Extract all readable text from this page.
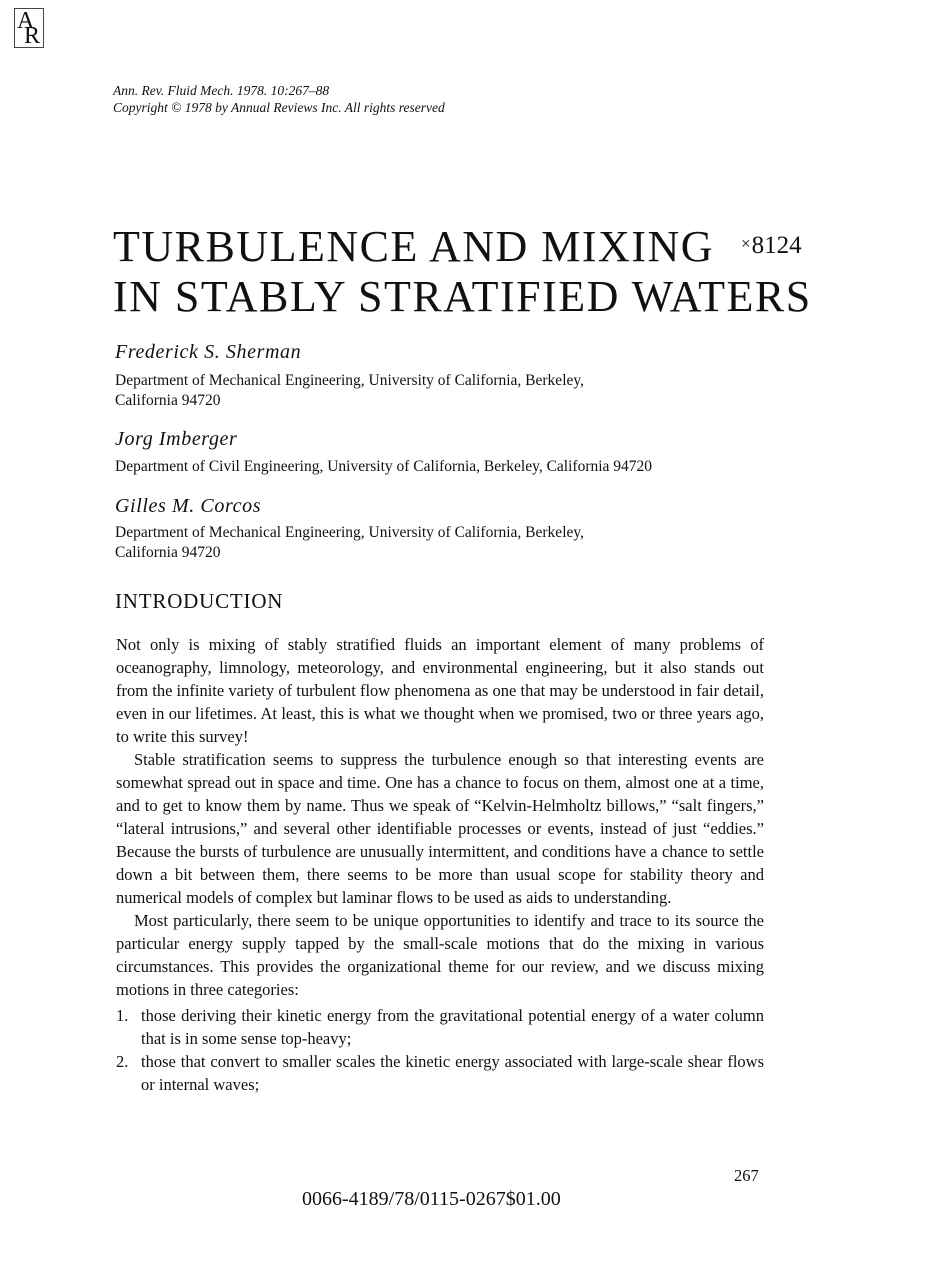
A
R
Ann. Rev. Fluid Mech. 1978. 10:267–88
Copyright © 1978 by Annual Reviews Inc. All rights reserved
TURBULENCE AND MIXING
IN STABLY STRATIFIED WATERS
×8124
Frederick S. Sherman
Department of Mechanical Engineering, University of California, Berkeley,
California 94720
Jorg Imberger
Department of Civil Engineering, University of California, Berkeley, California 94720
Gilles M. Corcos
Department of Mechanical Engineering, University of California, Berkeley,
California 94720
INTRODUCTION

Not only is mixing of stably stratified fluids an important element of many problems of oceanography, limnology, meteorology, and environmental engineering, but it also stands out from the infinite variety of turbulent flow phenomena as one that may be understood in fair detail, even in our lifetimes. At least, this is what we thought when we promised, two or three years ago, to write this survey!

Stable stratification seems to suppress the turbulence enough so that interesting events are somewhat spread out in space and time. One has a chance to focus on them, almost one at a time, and to get to know them by name. Thus we speak of “Kelvin-Helmholtz billows,” “salt fingers,” “lateral intrusions,” and several other identifiable processes or events, instead of just “eddies.” Because the bursts of turbulence are unusually intermittent, and conditions have a chance to settle down a bit between them, there seems to be more than usual scope for stability theory and numerical models of complex but laminar flows to be used as aids to understanding.

Most particularly, there seem to be unique opportunities to identify and trace to its source the particular energy supply tapped by the small-scale motions that do the mixing in various circumstances. This provides the organizational theme for our review, and we discuss mixing motions in three categories:

1. those deriving their kinetic energy from the gravitational potential energy of a water column that is in some sense top-heavy;
2. those that convert to smaller scales the kinetic energy associated with large-scale shear flows or internal waves;
267
0066-4189/78/0115-0267$01.00
